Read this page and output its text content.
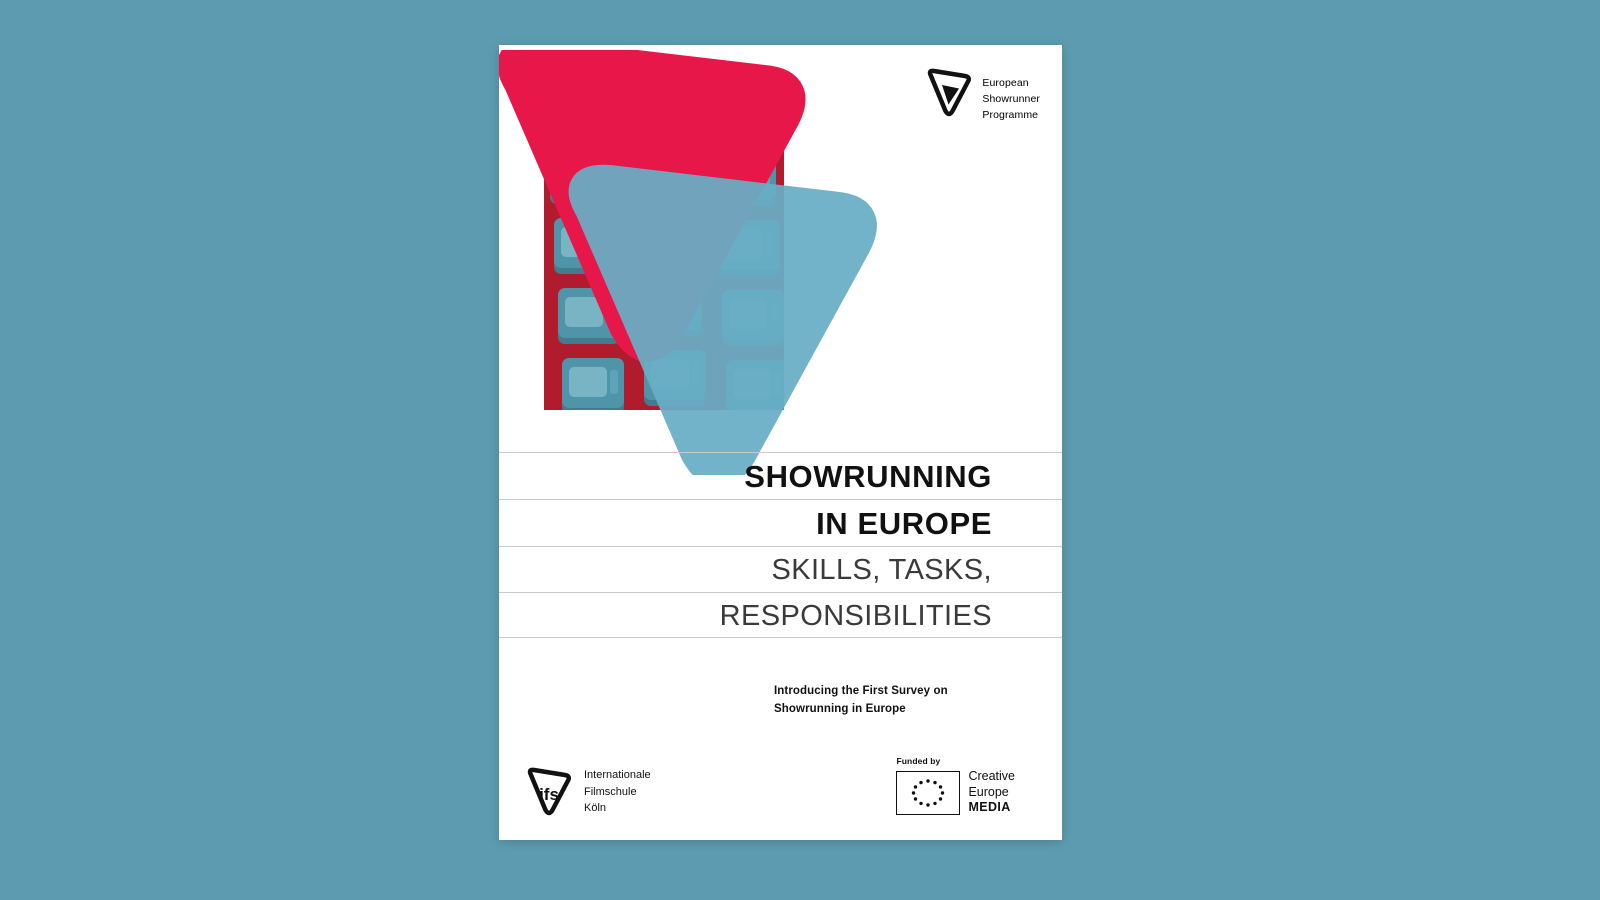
European
Showrunner
Programme
SHOWRUNNING
IN EUROPE
SKILLS, TASKS,
RESPONSIBILITIES
Introducing the First Survey on
Showrunning in Europe
ifs
Internationale
Filmschule
Köln
Funded by
Creative
Europe
MEDIA
